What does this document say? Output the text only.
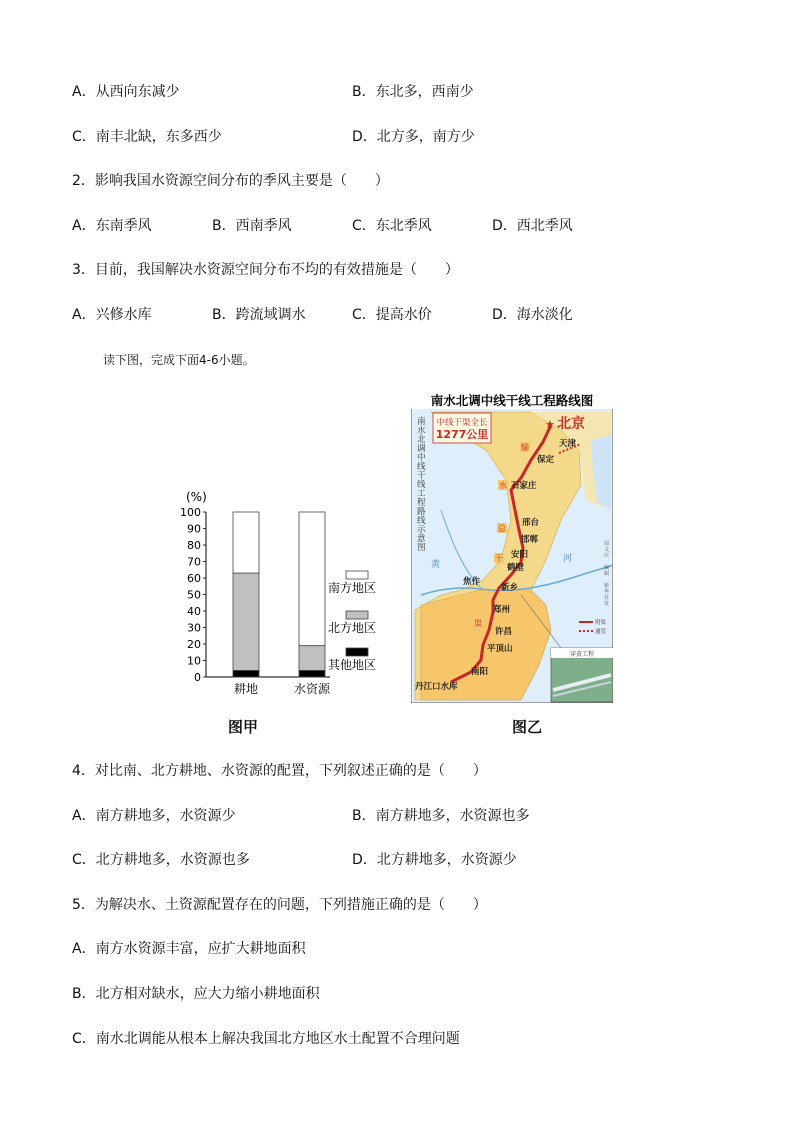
A．从西向东减少	B．东北多，西南少
C．南丰北缺，东多西少	D．北方多，南方少
2．影响我国水资源空间分布的季风主要是（　　）
A．东南季风	B．西南季风	C．东北季风	D．西北季风
3．目前，我国解决水资源空间分布不均的有效措施是（　　）
A．兴修水库	B．跨流域调水	C．提高水价	D．海水淡化
读下图，完成下面4-6小题。
(%)
0
10
20
30
40
50
60
70
80
90
100
耕地	水资源
南方地区
北方地区
其他地区
图甲
南水北调中线干线工程路线图
中线干渠全长
1277公里
★ 北京
南水北调中线干线工程路线示意图
天津
保定
石家庄
邢台
邯郸
安阳
鹤壁
新乡
焦作
郑州
许昌
平顶山
南阳
丹江口水库
输
水
总
干
渠
黄
河
周文庆 编制 新华社发
明渠
通管
穿黄工程
图乙
4．对比南、北方耕地、水资源的配置，下列叙述正确的是（　　）
A．南方耕地多，水资源少	B．南方耕地多，水资源也多
C．北方耕地多，水资源也多	D．北方耕地多，水资源少
5．为解决水、土资源配置存在的问题，下列措施正确的是（　　）
A．南方水资源丰富，应扩大耕地面积
B．北方相对缺水，应大力缩小耕地面积
C．南水北调能从根本上解决我国北方地区水土配置不合理问题
